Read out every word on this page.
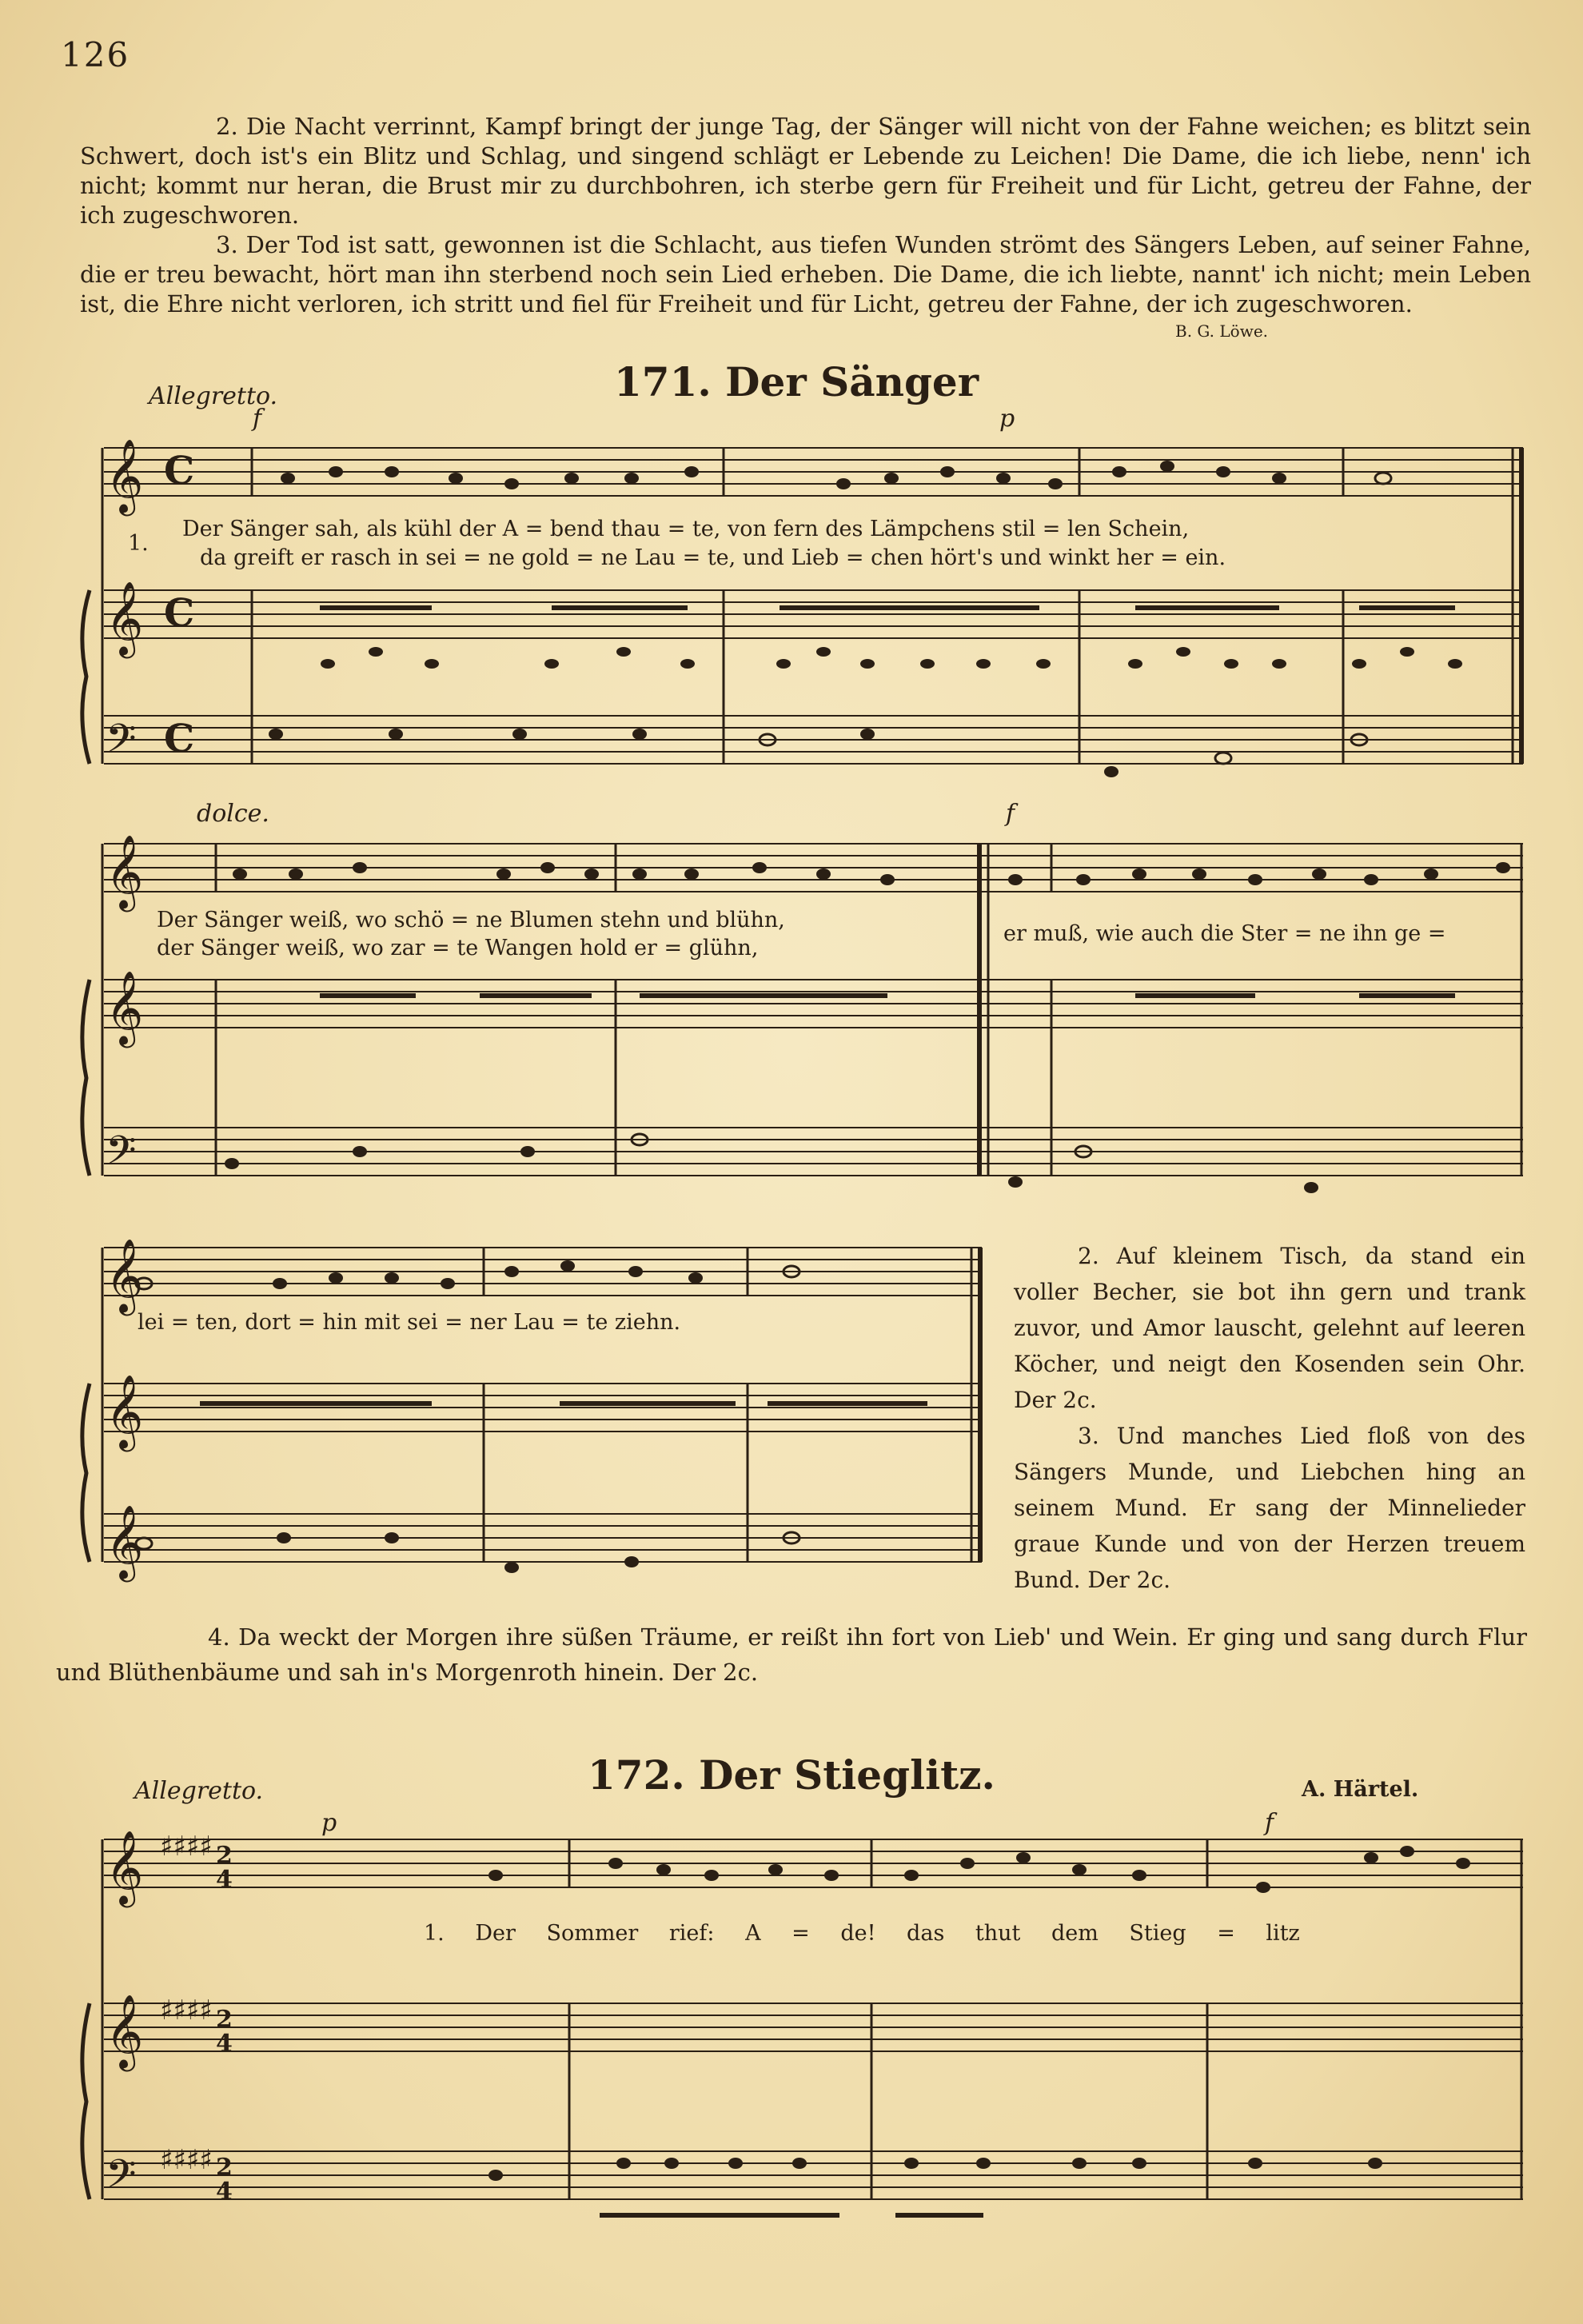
126

2. Die Nacht verrinnt, Kampf bringt der junge Tag, der Sänger will nicht von der Fahne weichen; es blitzt sein Schwert, doch ist's ein Blitz und Schlag, und singend schlägt er Lebende zu Leichen! Die Dame, die ich liebe, nenn' ich nicht; kommt nur heran, die Brust mir zu durchbohren, ich sterbe gern für Freiheit und für Licht, getreu der Fahne, der ich zugeschworen.

3. Der Tod ist satt, gewonnen ist die Schlacht, aus tiefen Wunden strömt des Sängers Leben, auf seiner Fahne, die er treu bewacht, hört man ihn sterbend noch sein Lied erheben. Die Dame, die ich liebte, nannt' ich nicht; mein Leben ist, die Ehre nicht verloren, ich stritt und fiel für Freiheit und für Licht, getreu der Fahne, der ich zugeschworen.

B. G. Löwe.
Allegretto.	171. Der Sänger
f	p
𝄞
𝄞
𝄢
𝄞
𝄞
𝄢
𝄞
𝄞
𝄞
𝄞
𝄞
𝄢
C
C
C
2
4
2
4
2
4
♯♯♯♯
♯♯♯♯
♯♯♯♯
1.
Der Sänger sah, als kühl der A = bend thau = te, von fern des Lämpchens stil = len Schein,
da greift er rasch in sei = ne gold = ne Lau = te, und Lieb = chen hört's und winkt her = ein.
dolce.	f
Der Sänger weiß, wo schö = ne Blumen stehn und blühn,
der Sänger weiß, wo zar = te Wangen hold er = glühn,
er muß, wie auch die Ster = ne ihn ge =
lei = ten, dort = hin mit sei = ner Lau = te ziehn.

2. Auf kleinem Tisch, da stand ein voller Becher, sie bot ihn gern und trank zuvor, und Amor lauscht, gelehnt auf leeren Köcher, und neigt den Kosenden sein Ohr. Der 2c.

3. Und manches Lied floß von des Sängers Munde, und Liebchen hing an seinem Mund. Er sang der Minnelieder graue Kunde und von der Herzen treuem Bund. Der 2c.

4. Da weckt der Morgen ihre süßen Träume, er reißt ihn fort von Lieb' und Wein. Er ging und sang durch Flur und Blüthenbäume und sah in's Morgenroth hinein. Der 2c.

Allegretto.	172. Der Stieglitz.	A. Härtel.
p	f
1. Der Sommer rief: A = de! das thut dem Stieg = litz
